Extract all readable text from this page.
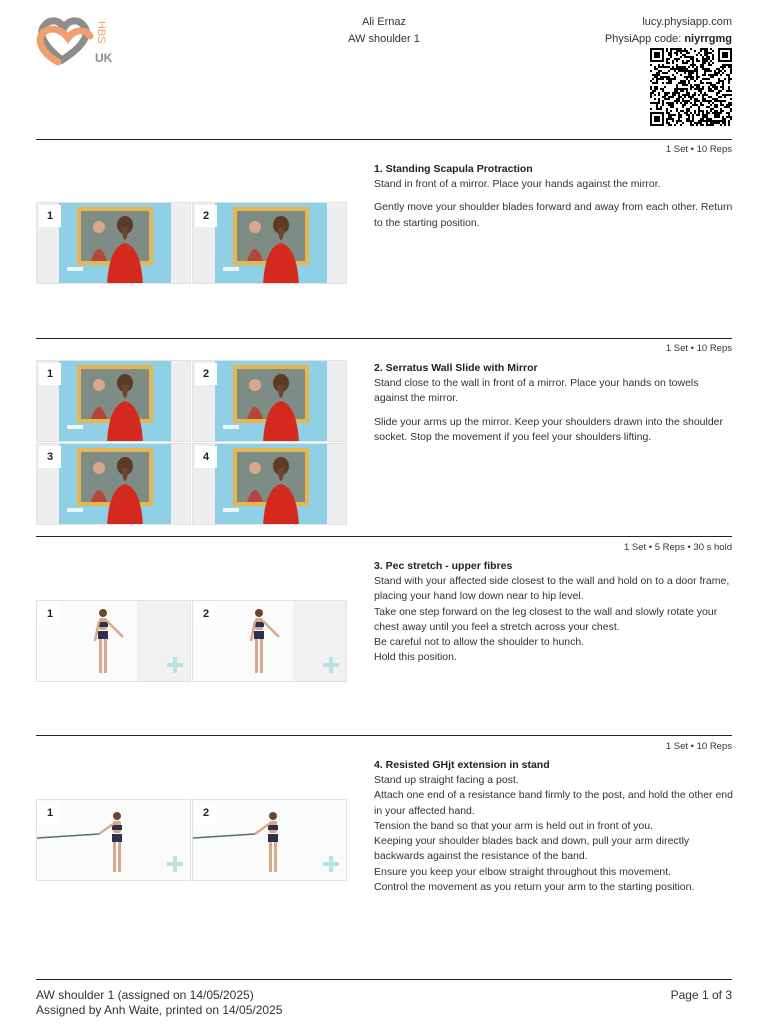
HBS
UK
Ali Ernaz
AW shoulder 1
lucy.physiapp.com
PhysiApp code: niyrrgmg
1 Set • 10 Reps
1. Standing Scapula Protraction

Stand in front of a mirror. Place your hands against the mirror.

Gently move your shoulder blades forward and away from each other. Return to the starting position.

1	2
1 Set • 10 Reps
2. Serratus Wall Slide with Mirror

Stand close to the wall in front of a mirror. Place your hands on towels against the mirror.

Slide your arms up the mirror. Keep your shoulders drawn into the shoulder socket. Stop the movement if you feel your shoulders lifting.

1	2
3	4
1 Set • 5 Reps • 30 s hold
3. Pec stretch - upper fibres

Stand with your affected side closest to the wall and hold on to a door frame, placing your hand low down near to hip level.

Take one step forward on the leg closest to the wall and slowly rotate your chest away until you feel a stretch across your chest.

Be careful not to allow the shoulder to hunch.

Hold this position.

1	2
1 Set • 10 Reps
4. Resisted GHjt extension in stand

Stand up straight facing a post.

Attach one end of a resistance band firmly to the post, and hold the other end in your affected hand.

Tension the band so that your arm is held out in front of you.

Keeping your shoulder blades back and down, pull your arm directly backwards against the resistance of the band.

Ensure you keep your elbow straight throughout this movement.

Control the movement as you return your arm to the starting position.

1	2
AW shoulder 1 (assigned on 14/05/2025)
Assigned by Anh Waite, printed on 14/05/2025
Page 1 of 3
